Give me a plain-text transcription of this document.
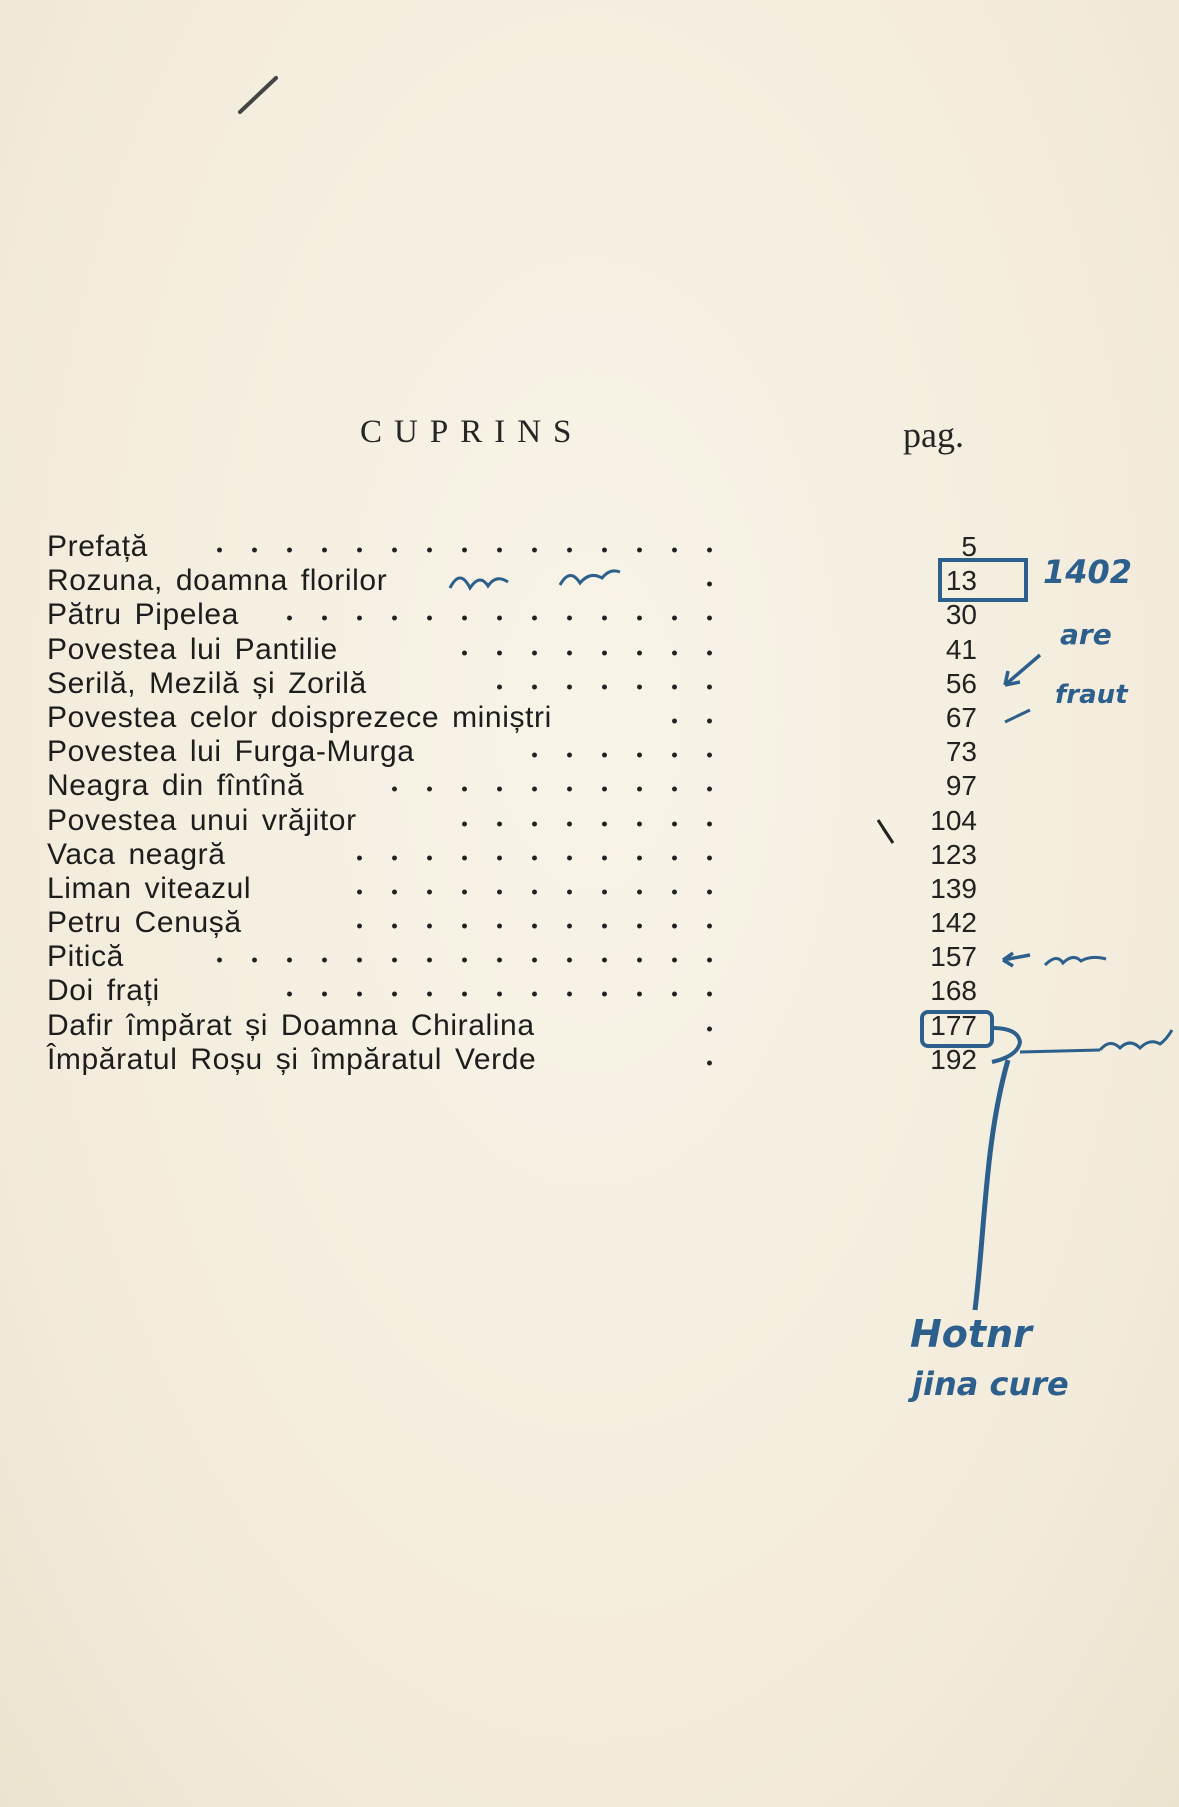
CUPRINS	pag.
Prefață	5
Rozuna, doamna florilor	13
Pătru Pipelea	30
Povestea lui Pantilie	41
Serilă, Mezilă și Zorilă	56
Povestea celor doisprezece miniștri	67
Povestea lui Furga-Murga	73
Neagra din fîntînă	97
Povestea unui vrăjitor	104
Vaca neagră	123
Liman viteazul	139
Petru Cenușă	142
Pitică	157
Doi frați	168
Dafir împărat și Doamna Chiralina	177
Împăratul Roșu și împăratul Verde	192
1402
are
fraut
Hotnr
jina cure
